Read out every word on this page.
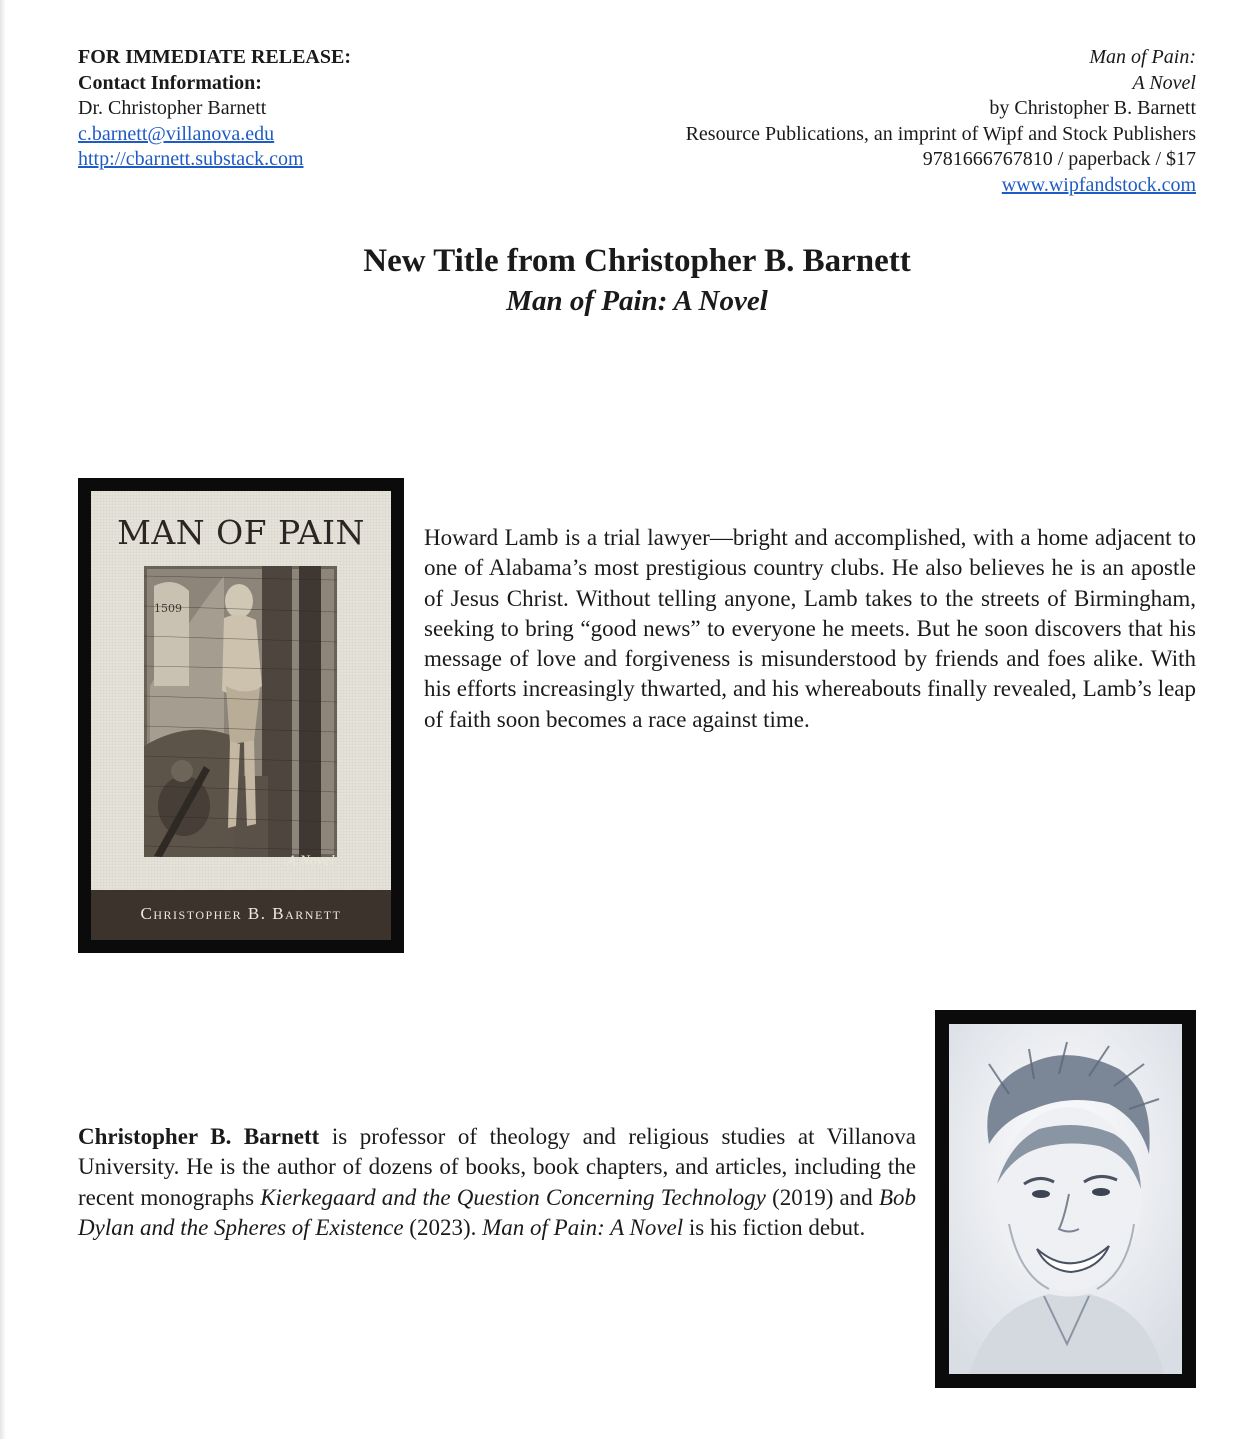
FOR IMMEDIATE RELEASE:
Contact Information:
Dr. Christopher Barnett
c.barnett@villanova.edu
http://cbarnett.substack.com
Man of Pain:
A Novel
by Christopher B. Barnett
Resource Publications, an imprint of Wipf and Stock Publishers
9781666767810 / paperback / $17
www.wipfandstock.com
New Title from Christopher B. Barnett
Man of Pain: A Novel
MAN OF PAIN
1509
A Novel
Christopher B. Barnett
Howard Lamb is a trial lawyer—bright and accomplished, with a home adjacent to one of Alabama’s most prestigious country clubs. He also believes he is an apostle of Jesus Christ. Without telling anyone, Lamb takes to the streets of Birmingham, seeking to bring “good news” to everyone he meets. But he soon discovers that his message of love and forgiveness is misunderstood by friends and foes alike. With his efforts increasingly thwarted, and his whereabouts finally revealed, Lamb’s leap of faith soon becomes a race against time.
Christopher B. Barnett is professor of theology and religious studies at Villanova University. He is the author of dozens of books, book chapters, and articles, including the recent monographs Kierkegaard and the Question Concerning Technology (2019) and Bob Dylan and the Spheres of Existence (2023). Man of Pain: A Novel is his fiction debut.
